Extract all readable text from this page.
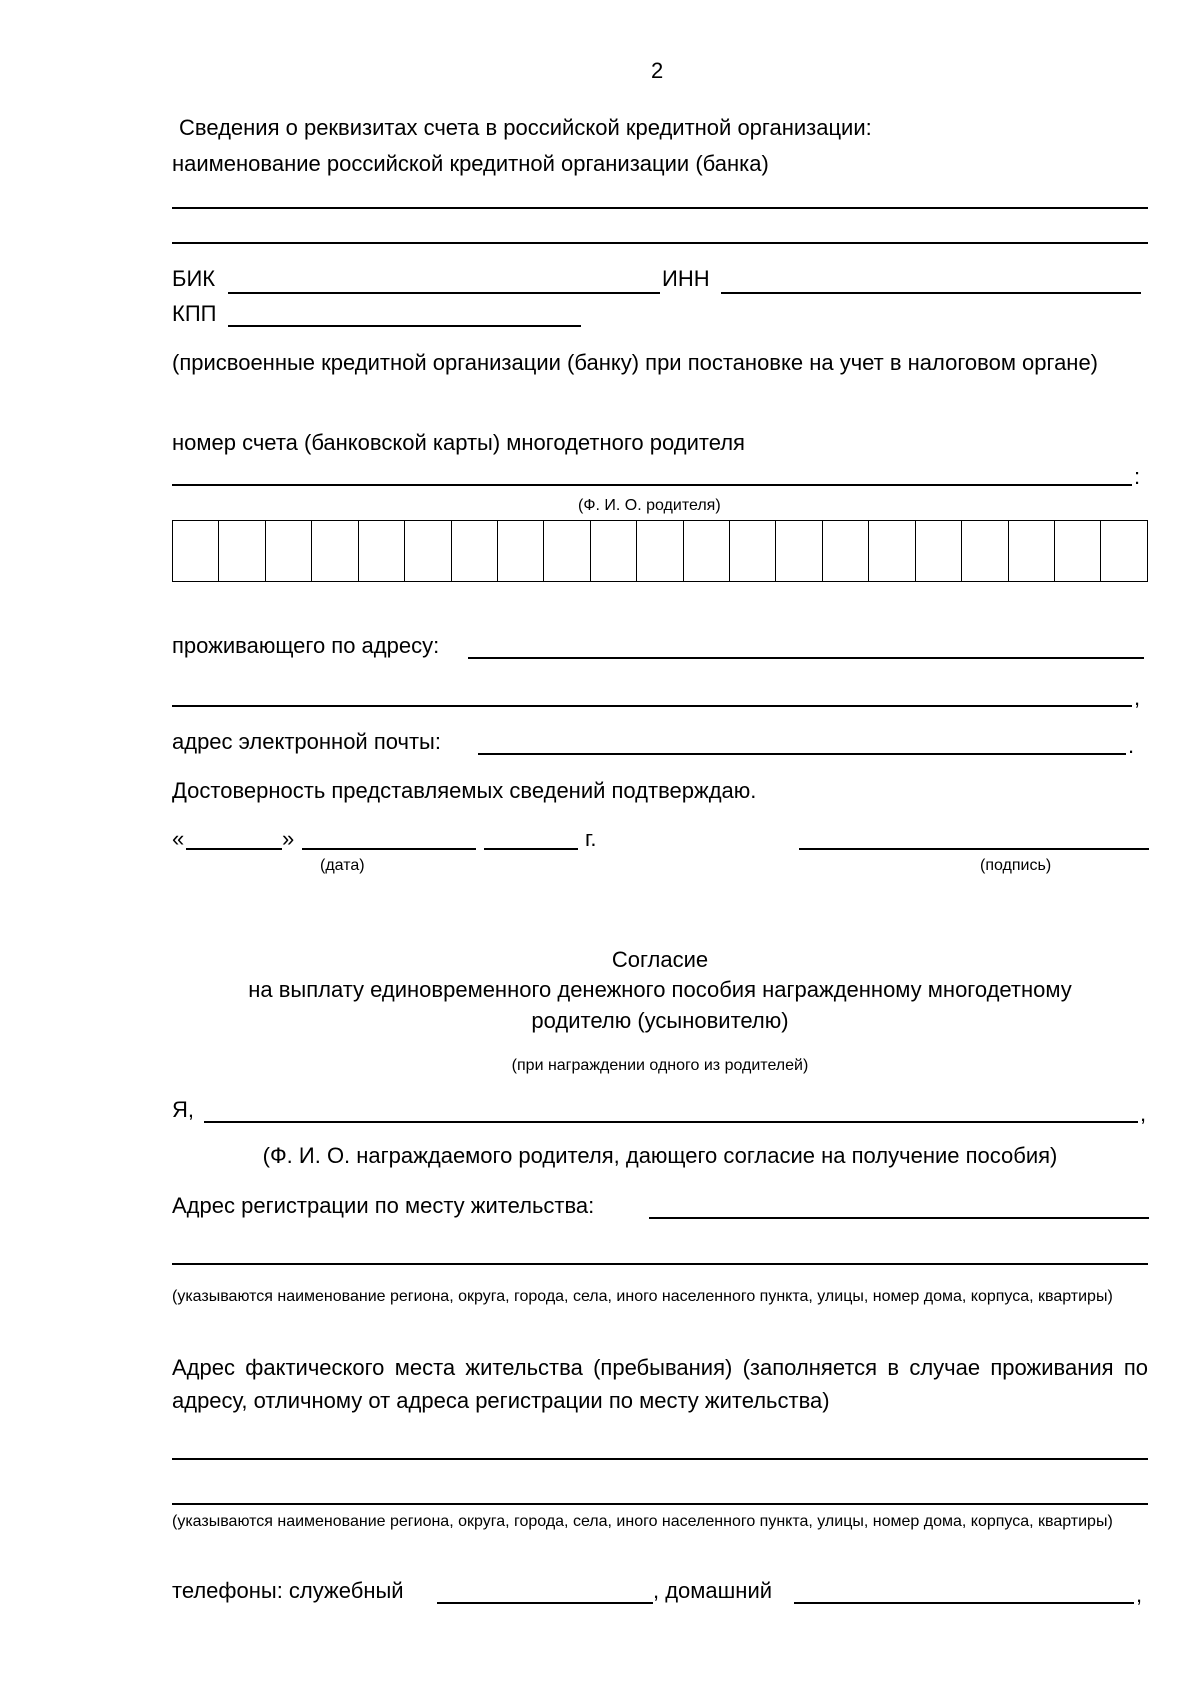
2
Сведения о реквизитах счета в российской кредитной организации:
наименование российской кредитной организации (банка)
БИК	ИНН
КПП
(присвоенные кредитной организации (банку) при постановке на учет в налоговом органе)
номер счета (банковской карты) многодетного родителя
:
(Ф. И. О. родителя)
проживающего по адресу:
,
адрес электронной почты:	.
Достоверность представляемых сведений подтверждаю.
«	»	г.
(дата)	(подпись)
Согласие
на выплату единовременного денежного пособия награжденному многодетному
родителю (усыновителю)
(при награждении одного из родителей)
Я,	,
(Ф. И. О. награждаемого родителя, дающего согласие на получение пособия)
Адрес регистрации по месту жительства:
(указываются наименование региона, округа, города, села, иного населенного пункта, улицы, номер дома, корпуса, квартиры)
Адрес фактического места жительства (пребывания) (заполняется в случае проживания по адресу, отличному от адреса регистрации по месту жительства)
(указываются наименование региона, округа, города, села, иного населенного пункта, улицы, номер дома, корпуса, квартиры)
телефоны: служебный	, домашний	,
